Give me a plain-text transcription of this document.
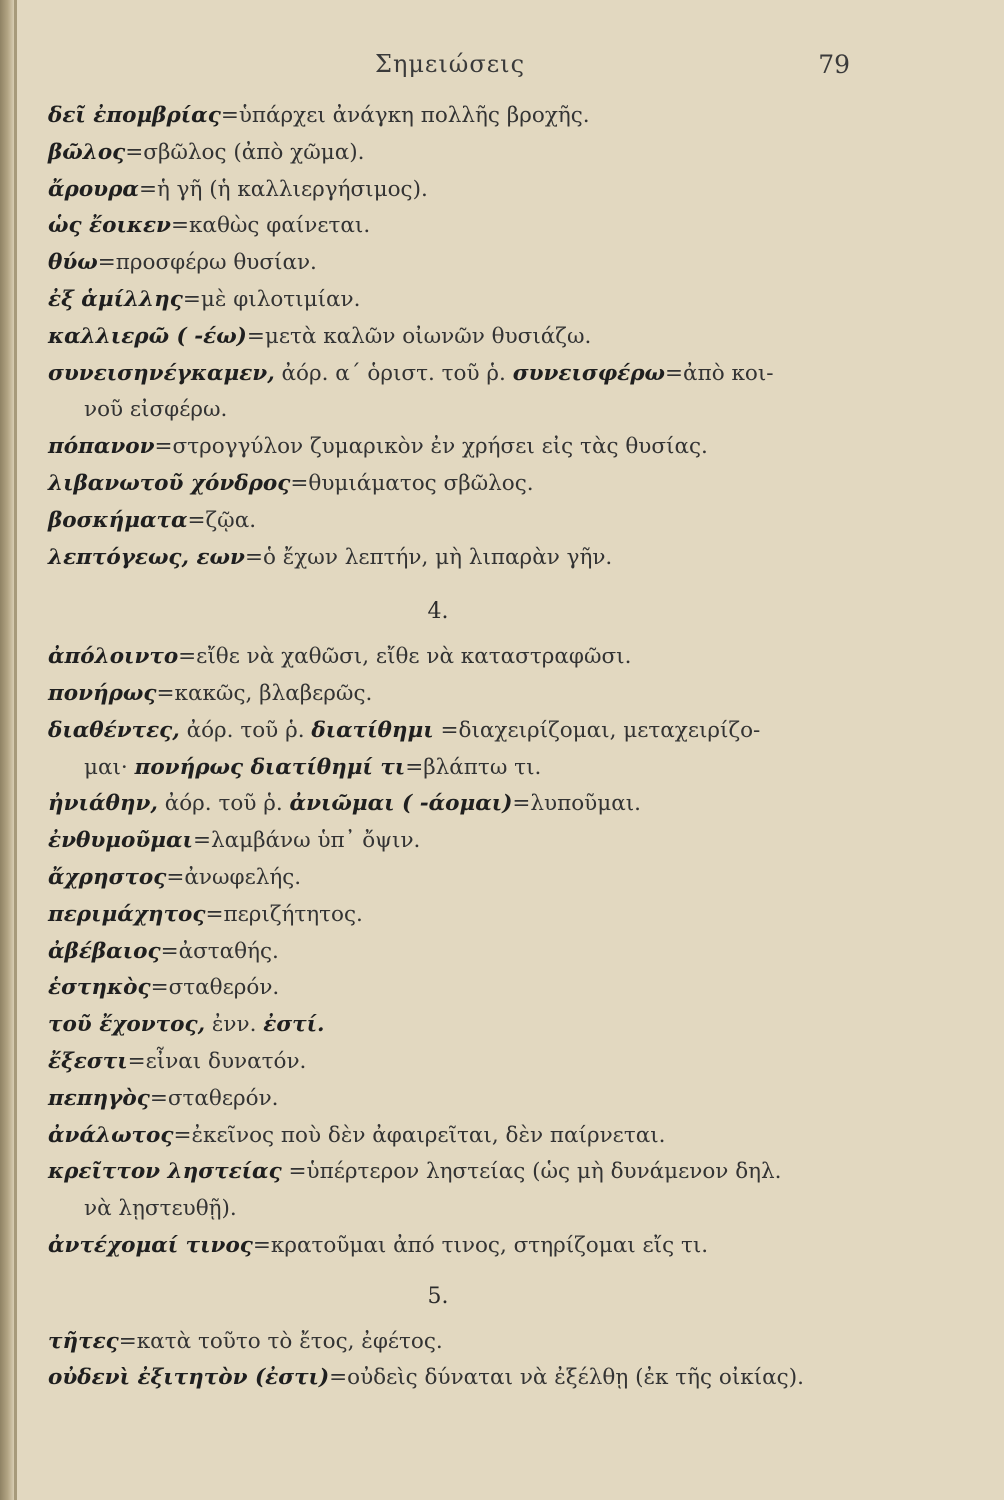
Σημειώσεις	79

δεῖ ἐπομβρίας=ὑπάρχει ἀνάγκη πολλῆς βροχῆς.

βῶλος=σβῶλος (ἀπὸ χῶμα).

ἄρουρα=ἡ γῆ (ἡ καλλιεργήσιμος).

ὡς ἔοικεν=καθὼς φαίνεται.

θύω=προσφέρω θυσίαν.

ἐξ ἁμίλλης=μὲ φιλοτιμίαν.

καλλιερῶ ( -έω)=μετὰ καλῶν οἰωνῶν θυσιάζω.

συνεισηνέγκαμεν, ἀόρ. α΄ ὁριστ. τοῦ ῥ. συνεισφέρω=ἀπὸ κοι-
νοῦ εἰσφέρω.

πόπανον=στρογγύλον ζυμαρικὸν ἐν χρήσει εἰς τὰς θυσίας.

λιβανωτοῦ χόνδρος=θυμιάματος σβῶλος.

βοσκήματα=ζῷα.

λεπτόγεως, εων=ὁ ἔχων λεπτήν, μὴ λιπαρὰν γῆν.

4.

ἀπόλοιντο=εἴθε νὰ χαθῶσι, εἴθε νὰ καταστραφῶσι.

πονήρως=κακῶς, βλαβερῶς.

διαθέντες, ἀόρ. τοῦ ῥ. διατίθημι =διαχειρίζομαι, μεταχειρίζο-
μαι· πονήρως διατίθημί τι=βλάπτω τι.

ἠνιάθην, ἀόρ. τοῦ ῥ. ἀνιῶμαι ( -άομαι)=λυποῦμαι.

ἐνθυμοῦμαι=λαμβάνω ὑπ᾿ ὄψιν.

ἄχρηστος=ἀνωφελής.

περιμάχητος=περιζήτητος.

ἀβέβαιος=ἀσταθής.

ἑστηκὸς=σταθερόν.

τοῦ ἔχοντος, ἐνν. ἐστί.

ἔξεστι=εἶναι δυνατόν.

πεπηγὸς=σταθερόν.

ἀνάλωτος=ἐκεῖνος ποὺ δὲν ἀφαιρεῖται, δὲν παίρνεται.

κρεῖττον ληστείας =ὑπέρτερον ληστείας (ὡς μὴ δυνάμενον δηλ.
νὰ λῃστευθῇ).

ἀντέχομαί τινος=κρατοῦμαι ἀπό τινος, στηρίζομαι εἴς τι.

5.

τῆτες=κατὰ τοῦτο τὸ ἔτος, ἐφέτος.

οὐδενὶ ἐξιτητὸν (ἐστι)=οὐδεὶς δύναται νὰ ἐξέλθῃ (ἐκ τῆς οἰκίας).
